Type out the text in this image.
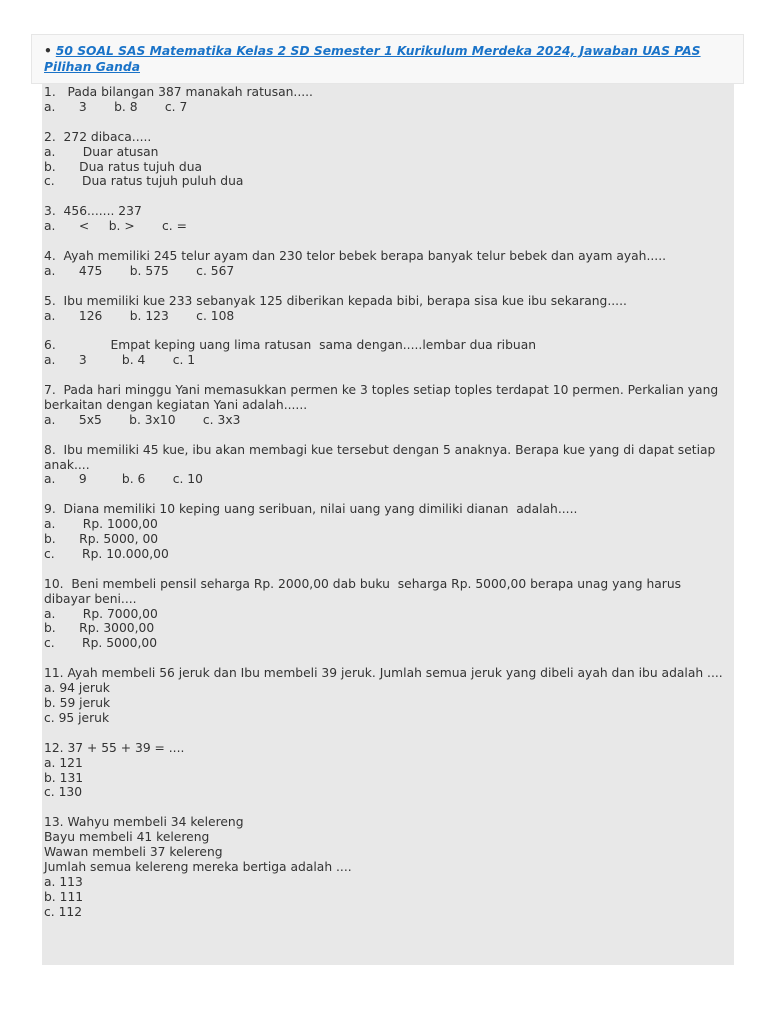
• 50 SOAL SAS Matematika Kelas 2 SD Semester 1 Kurikulum Merdeka 2024, Jawaban UAS PAS Pilihan Ganda
1.   Pada bilangan 387 manakah ratusan.....
a.      3       b. 8       c. 7
2.  272 dibaca.....
a.       Duar atusan
b.      Dua ratus tujuh dua
c.       Dua ratus tujuh puluh dua
3.  456....... 237
a.      <     b. >       c. =
4.  Ayah memiliki 245 telur ayam dan 230 telor bebek berapa banyak telur bebek dan ayam ayah.....
a.      475       b. 575       c. 567
5.  Ibu memiliki kue 233 sebanyak 125 diberikan kepada bibi, berapa sisa kue ibu sekarang.....
a.      126       b. 123       c. 108
6.              Empat keping uang lima ratusan  sama dengan.....lembar dua ribuan
a.      3         b. 4       c. 1
7.  Pada hari minggu Yani memasukkan permen ke 3 toples setiap toples terdapat 10 permen. Perkalian yang berkaitan dengan kegiatan Yani adalah......
a.      5x5       b. 3x10       c. 3x3
8.  Ibu memiliki 45 kue, ibu akan membagi kue tersebut dengan 5 anaknya. Berapa kue yang di dapat setiap anak....
a.      9         b. 6       c. 10
9.  Diana memiliki 10 keping uang seribuan, nilai uang yang dimiliki dianan  adalah.....
a.       Rp. 1000,00
b.      Rp. 5000, 00
c.       Rp. 10.000,00
10.  Beni membeli pensil seharga Rp. 2000,00 dab buku  seharga Rp. 5000,00 berapa unag yang harus dibayar beni....
a.       Rp. 7000,00
b.      Rp. 3000,00
c.       Rp. 5000,00
11. Ayah membeli 56 jeruk dan Ibu membeli 39 jeruk. Jumlah semua jeruk yang dibeli ayah dan ibu adalah ....
a. 94 jeruk
b. 59 jeruk
c. 95 jeruk
12. 37 + 55 + 39 = ....
a. 121
b. 131
c. 130
13. Wahyu membeli 34 kelereng
Bayu membeli 41 kelereng
Wawan membeli 37 kelereng
Jumlah semua kelereng mereka bertiga adalah ....
a. 113
b. 111
c. 112
